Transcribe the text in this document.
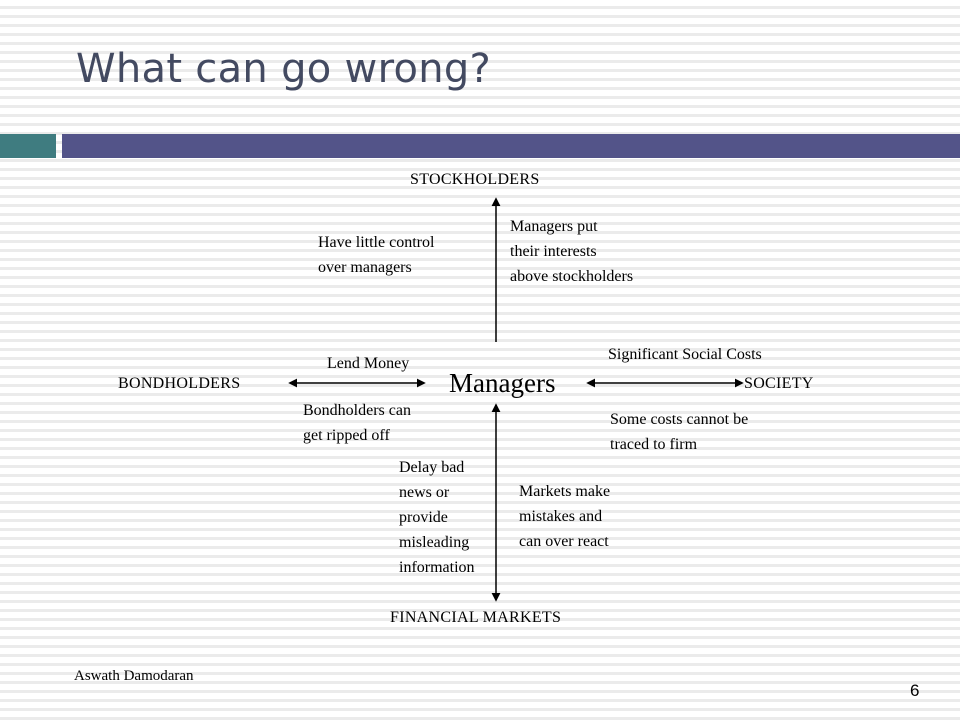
What can go wrong?
STOCKHOLDERS
BONDHOLDERS	SOCIETY
FINANCIAL MARKETS
Managers
Have little control
over managers
Managers put
their interests
above stockholders
Lend Money
Bondholders can
get ripped off
Significant Social Costs
Some costs cannot be
traced to firm
Delay bad
news or
provide
misleading
information
Markets make
mistakes and
can over react
Aswath Damodaran
6
